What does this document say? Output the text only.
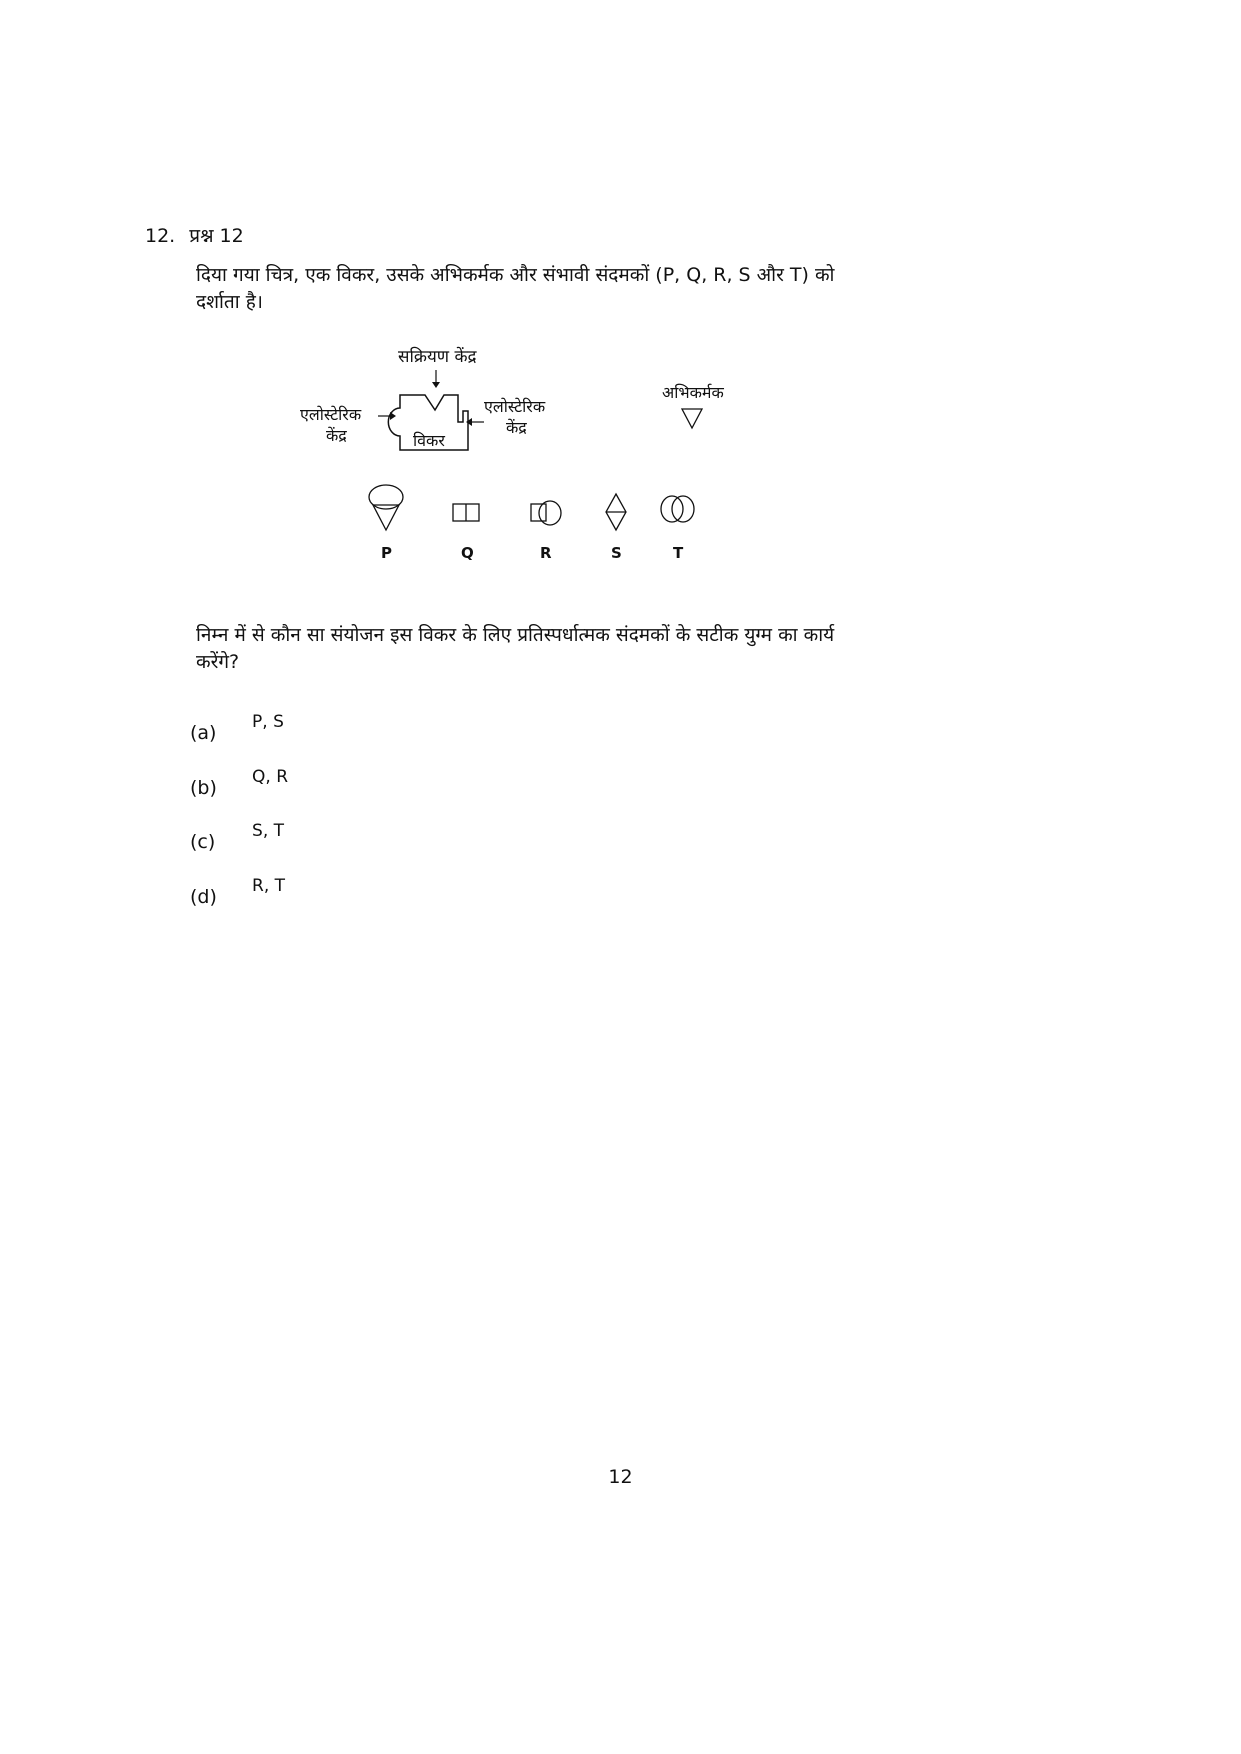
12. प्रश्न 12
दिया गया चित्र, एक विकर, उसके अभिकर्मक और संभावी संदमकों (P, Q, R, S और T) को
दर्शाता है।
सक्रियण केंद्र
विकर
एलोस्टेरिक
केंद्र
एलोस्टेरिक
केंद्र
अभिकर्मक
P	Q	R	S	T
निम्न में से कौन सा संयोजन इस विकर के लिए प्रतिस्पर्धात्मक संदमकों के सटीक युग्म का कार्य
करेंगे?
(a) P, S
(b) Q, R
(c) S, T
(d) R, T
12
